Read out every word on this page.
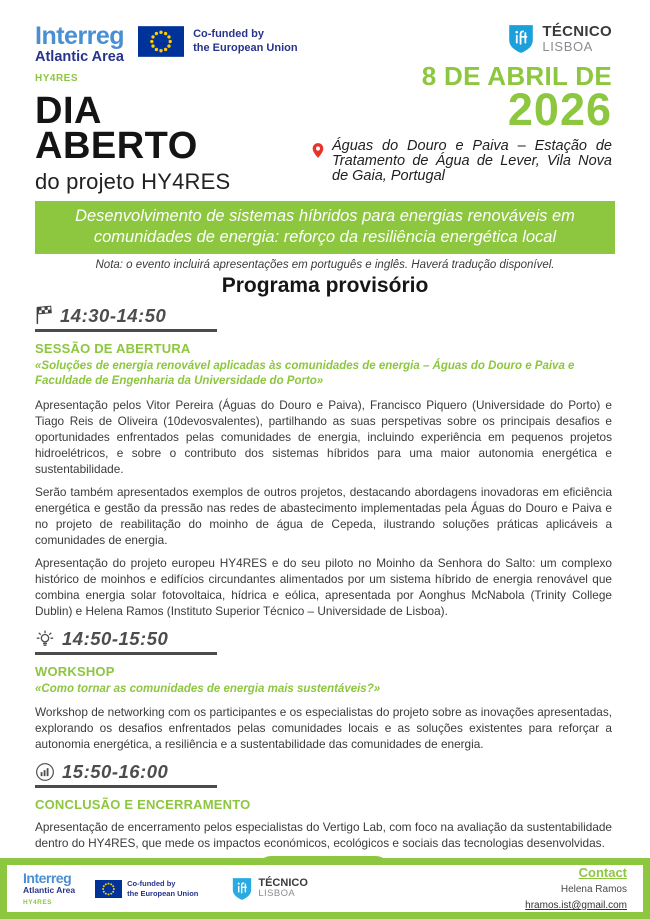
Interreg
Atlantic Area
HY4RES
Co-funded by
the European Union
DIA
ABERTO
do projeto HY4RES
TÉCNICO
LISBOA
8 DE ABRIL DE
2026
Águas do Douro e Paiva – Estação de Tratamento de Água de Lever, Vila Nova de Gaia, Portugal
Desenvolvimento de sistemas híbridos para energias renováveis em comunidades de energia: reforço da resiliência energética local
Nota: o evento incluirá apresentações em português e inglês. Haverá tradução disponível.
Programa provisório
14:30-14:50
SESSÃO DE ABERTURA
«Soluções de energia renovável aplicadas às comunidades de energia – Águas do Douro e Paiva e Faculdade de Engenharia da Universidade do Porto»

Apresentação pelos Vitor Pereira (Águas do Douro e Paiva), Francisco Piquero (Universidade do Porto) e Tiago Reis de Oliveira (10devosvalentes), partilhando as suas perspetivas sobre os principais desafios e oportunidades enfrentados pelas comunidades de energia, incluindo experiência em pequenos projetos hidroelétricos, e sobre o contributo dos sistemas híbridos para uma maior autonomia energética e sustentabilidade.

Serão também apresentados exemplos de outros projetos, destacando abordagens inovadoras em eficiência energética e gestão da pressão nas redes de abastecimento implementadas pela Águas do Douro e Paiva e no projeto de reabilitação do moinho de água de Cepeda, ilustrando soluções práticas aplicáveis a comunidades de energia.

Apresentação do projeto europeu HY4RES e do seu piloto no Moinho da Senhora do Salto: um complexo histórico de moinhos e edifícios circundantes alimentados por um sistema híbrido de energia renovável que combina energia solar fotovoltaica, hídrica e eólica, apresentada por Aonghus McNabola (Trinity College Dublin) e Helena Ramos (Instituto Superior Técnico – Universidade de Lisboa).

14:50-15:50
WORKSHOP
«Como tornar as comunidades de energia mais sustentáveis?»

Workshop de networking com os participantes e os especialistas do projeto sobre as inovações apresentadas, explorando os desafios enfrentados pelas comunidades locais e as soluções existentes para reforçar a autonomia energética, a resiliência e a sustentabilidade das comunidades de energia.

15:50-16:00
CONCLUSÃO E ENCERRAMENTO

Apresentação de encerramento pelos especialistas do Vertigo Lab, com foco na avaliação da sustentabilidade dentro do HY4RES, que mede os impactos económicos, ecológicos e sociais das tecnologias desenvolvidas.

Interreg
Atlantic Area
HY4RES
Co-funded by
the European Union
TÉCNICO
LISBOA
Contact
Helena Ramos
hramos.ist@gmail.com
